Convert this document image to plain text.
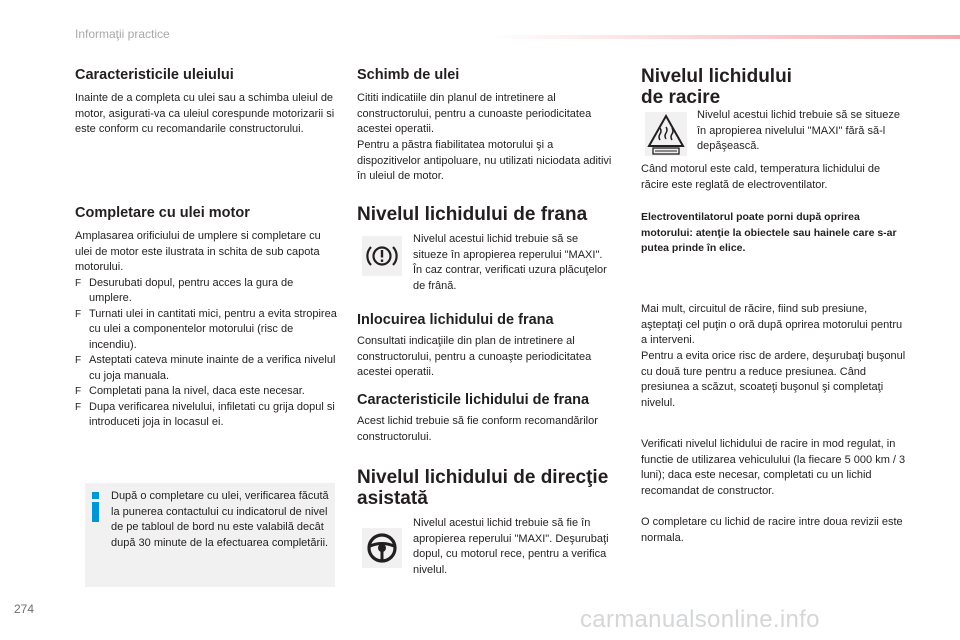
Informaţii practice
Caracteristicile uleiului

Inainte de a completa cu ulei sau a schimba uleiul de motor, asigurati-va ca uleiul corespunde motorizarii si este conform cu recomandarile constructorului.

Completare cu ulei motor

Amplasarea orificiului de umplere si completare cu ulei de motor este ilustrata in schita de sub capota motorului.

F Desurubati dopul, pentru acces la gura de umplere.
F Turnati ulei in cantitati mici, pentru a evita stropirea cu ulei a componentelor motorului (risc de incendiu).
F Asteptati cateva minute inainte de a verifica nivelul cu joja manuala.
F Completati pana la nivel, daca este necesar.
F Dupa verificarea nivelului, infiletati cu grija dopul si introduceti joja in locasul ei.

După o completare cu ulei, verificarea făcută la punerea contactului cu indicatorul de nivel de pe tabloul de bord nu este valabilă decât după 30 minute de la efectuarea completării.

Schimb de ulei

Cititi indicatiile din planul de intretinere al constructorului, pentru a cunoaste periodicitatea acestei operatii.

Pentru a păstra fiabilitatea motorului şi a dispozitivelor antipoluare, nu utilizati niciodata aditivi în uleiul de motor.

Nivelul lichidului de frana

Nivelul acestui lichid trebuie să se situeze în apropierea reperului "MAXI". În caz contrar, verificati uzura plăcuţelor de frână.

Inlocuirea lichidului de frana

Consultati indicaţiile din plan de intretinere al constructorului, pentru a cunoaşte periodicitatea acestei operatii.

Caracteristicile lichidului de frana

Acest lichid trebuie să fie conform recomandărilor constructorului.

Nivelul lichidului de direcţie asistată

Nivelul acestui lichid trebuie să fie în apropierea reperului "MAXI". Deşurubaţi dopul, cu motorul rece, pentru a verifica nivelul.

Nivelul lichidului
de racire

Nivelul acestui lichid trebuie să se situeze în apropierea nivelului "MAXI" fără să-l depăşească.

Când motorul este cald, temperatura lichidului de răcire este reglată de electroventilator.

Electroventilatorul poate porni după oprirea motorului: atenţie la obiectele sau hainele care s-ar putea prinde în elice.

Mai mult, circuitul de răcire, fiind sub presiune, aşteptaţi cel puţin o oră după oprirea motorului pentru a interveni.

Pentru a evita orice risc de ardere, deşurubaţi buşonul cu două ture pentru a reduce presiunea. Când presiunea a scăzut, scoateţi buşonul şi completaţi nivelul.

Verificati nivelul lichidului de racire in mod regulat, in functie de utilizarea vehiculului (la fiecare 5 000 km / 3 luni); daca este necesar, completati cu un lichid recomandat de constructor.

O completare cu lichid de racire intre doua revizii este normala.

274	carmanualsonline.info
